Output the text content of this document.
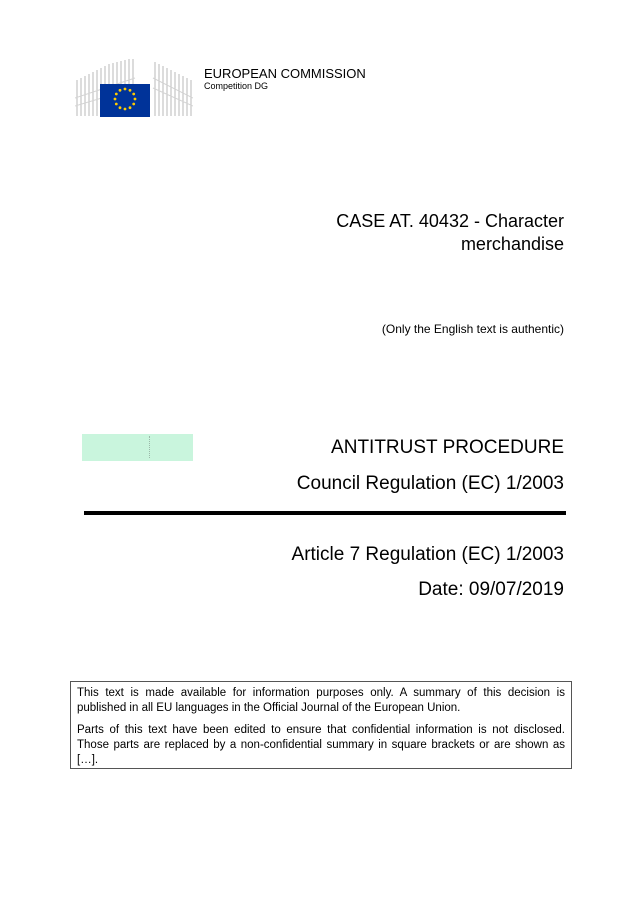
EUROPEAN COMMISSION
Competition DG
CASE AT. 40432 - Character merchandise
(Only the English text is authentic)
ANTITRUST PROCEDURE
Council Regulation (EC) 1/2003
Article 7 Regulation (EC) 1/2003
Date: 09/07/2019

This text is made available for information purposes only. A summary of this decision is published in all EU languages in the Official Journal of the European Union.

Parts of this text have been edited to ensure that confidential information is not disclosed. Those parts are replaced by a non-confidential summary in square brackets or are shown as […].
